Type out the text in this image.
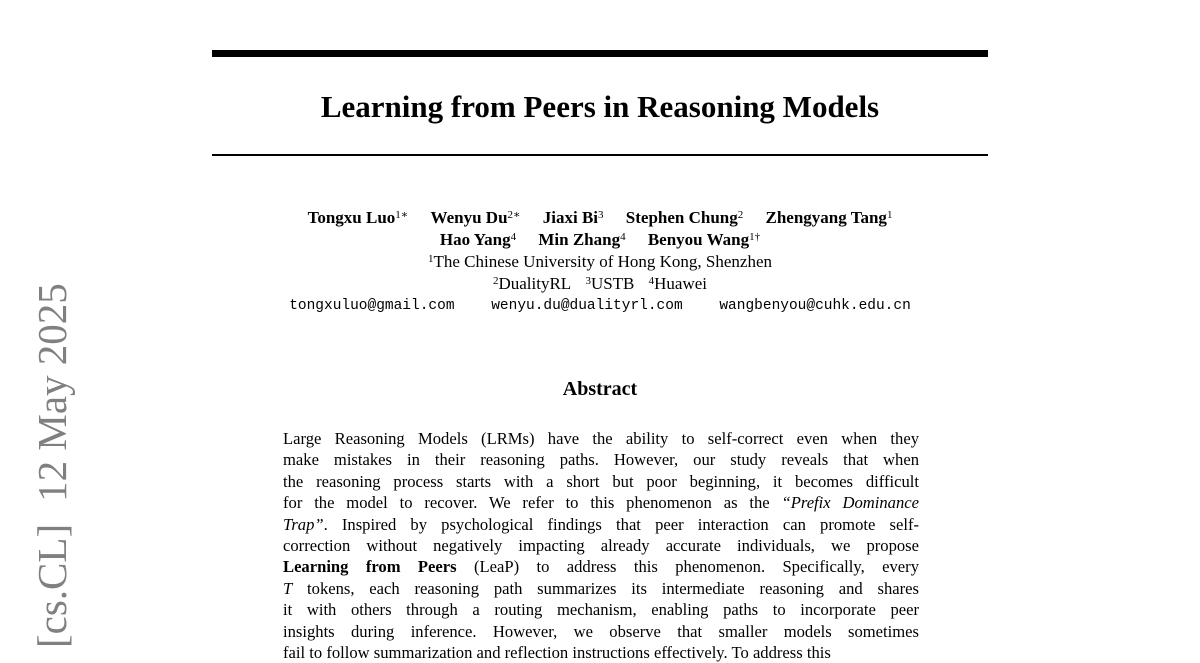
[cs.CL]12 May 2025
Learning from Peers in Reasoning Models
Tongxu Luo$^{1∗}$ Wenyu $Du^{2∗}$ Jiaxi Bi$^3$ Stephen Chung$^2$ Zhengyang Tang$^1$
Hao Yang$^4$ Min Zhang$^4$ Benyou Wang$^{1\dagger}$
$^1$The Chinese University of Hong Kong, Shenzhen
$^2$DualityRL $^3$USTB $^4$Huawei
tongxuluo@gmail.com	wenyu.du@dualityrl.com	wangbenyou@cuhk.edu.cn
Abstract
Large Reasoning Models (LRMs) have the ability to self-correct even when they
make mistakes in their reasoning paths. However, our study reveals that when
the reasoning process starts with a short but poor beginning, it becomes difficult
for the model to recover. We refer to this phenomenon as the “Prefix Dominance
Trap”. Inspired by psychological findings that peer interaction can promote self-
correction without negatively impacting already accurate individuals, we propose
Learning from Peers (LeaP) to address this phenomenon. Specifically, every
T tokens, each reasoning path summarizes its intermediate reasoning and shares
it with others through a routing mechanism, enabling paths to incorporate peer
insights during inference. However, we observe that smaller models sometimes
fail to follow summarization and reflection instructions effectively. To address this
